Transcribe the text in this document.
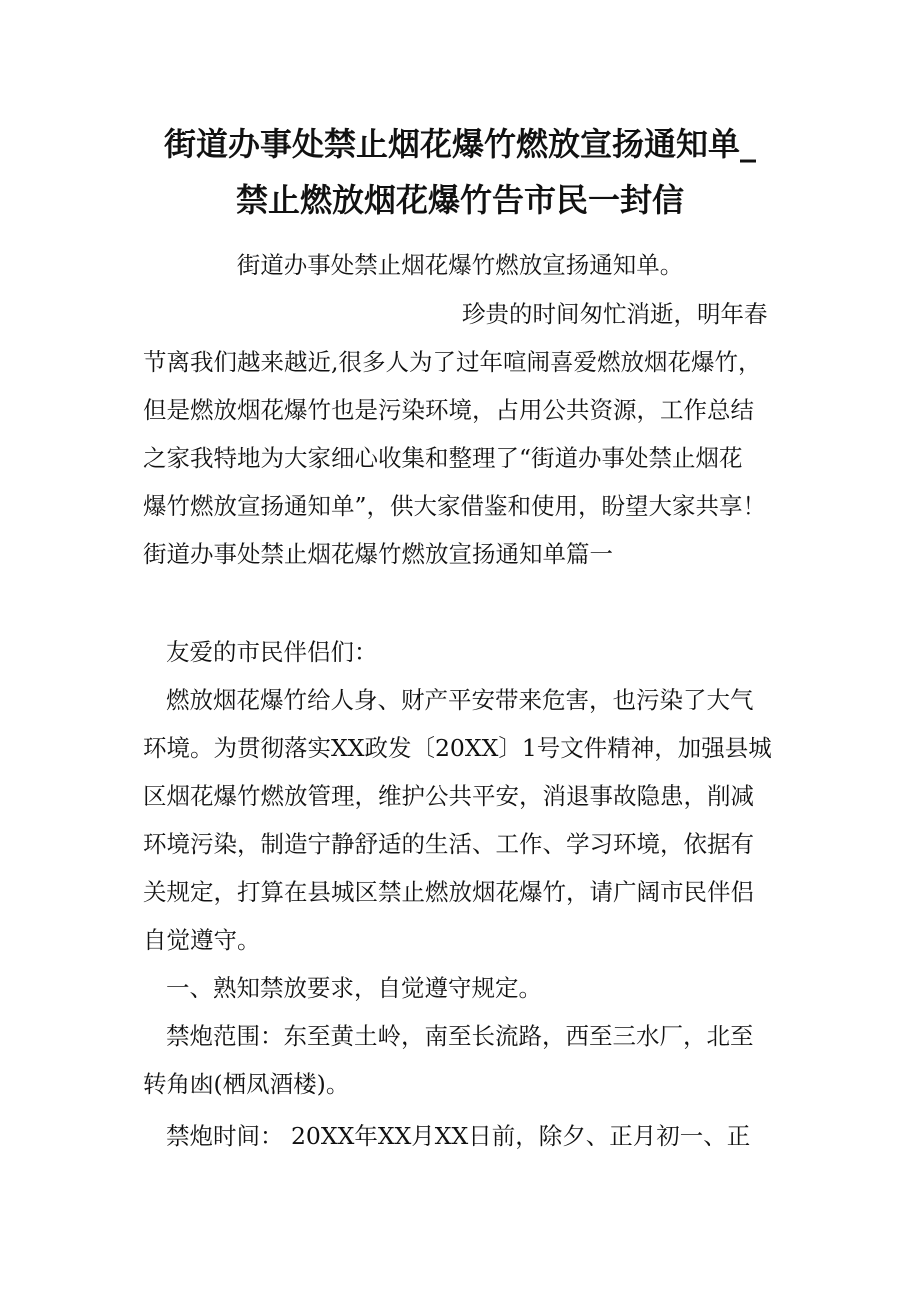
街道办事处禁止烟花爆竹燃放宣扬通知单_
禁止燃放烟花爆竹告市民一封信

街道办事处禁止烟花爆竹燃放宣扬通知单。

珍贵的时间匆忙消逝，明年春

节离我们越来越近,很多人为了过年喧闹喜爱燃放烟花爆竹，

但是燃放烟花爆竹也是污染环境，占用公共资源，工作总结

之家我特地为大家细心收集和整理了“街道办事处禁止烟花

爆竹燃放宣扬通知单”，供大家借鉴和使用，盼望大家共享！

街道办事处禁止烟花爆竹燃放宣扬通知单篇一

友爱的市民伴侣们：

燃放烟花爆竹给人身、财产平安带来危害，也污染了大气

环境。为贯彻落实XX政发〔20XX〕1号文件精神，加强县城

区烟花爆竹燃放管理，维护公共平安，消退事故隐患，削减

环境污染，制造宁静舒适的生活、工作、学习环境，依据有

关规定，打算在县城区禁止燃放烟花爆竹，请广阔市民伴侣

自觉遵守。

一、熟知禁放要求，自觉遵守规定。

禁炮范围：东至黄土岭，南至长流路，西至三水厂，北至

转角凼(栖凤酒楼)。

禁炮时间： 20XX年XX月XX日前，除夕、正月初一、正
